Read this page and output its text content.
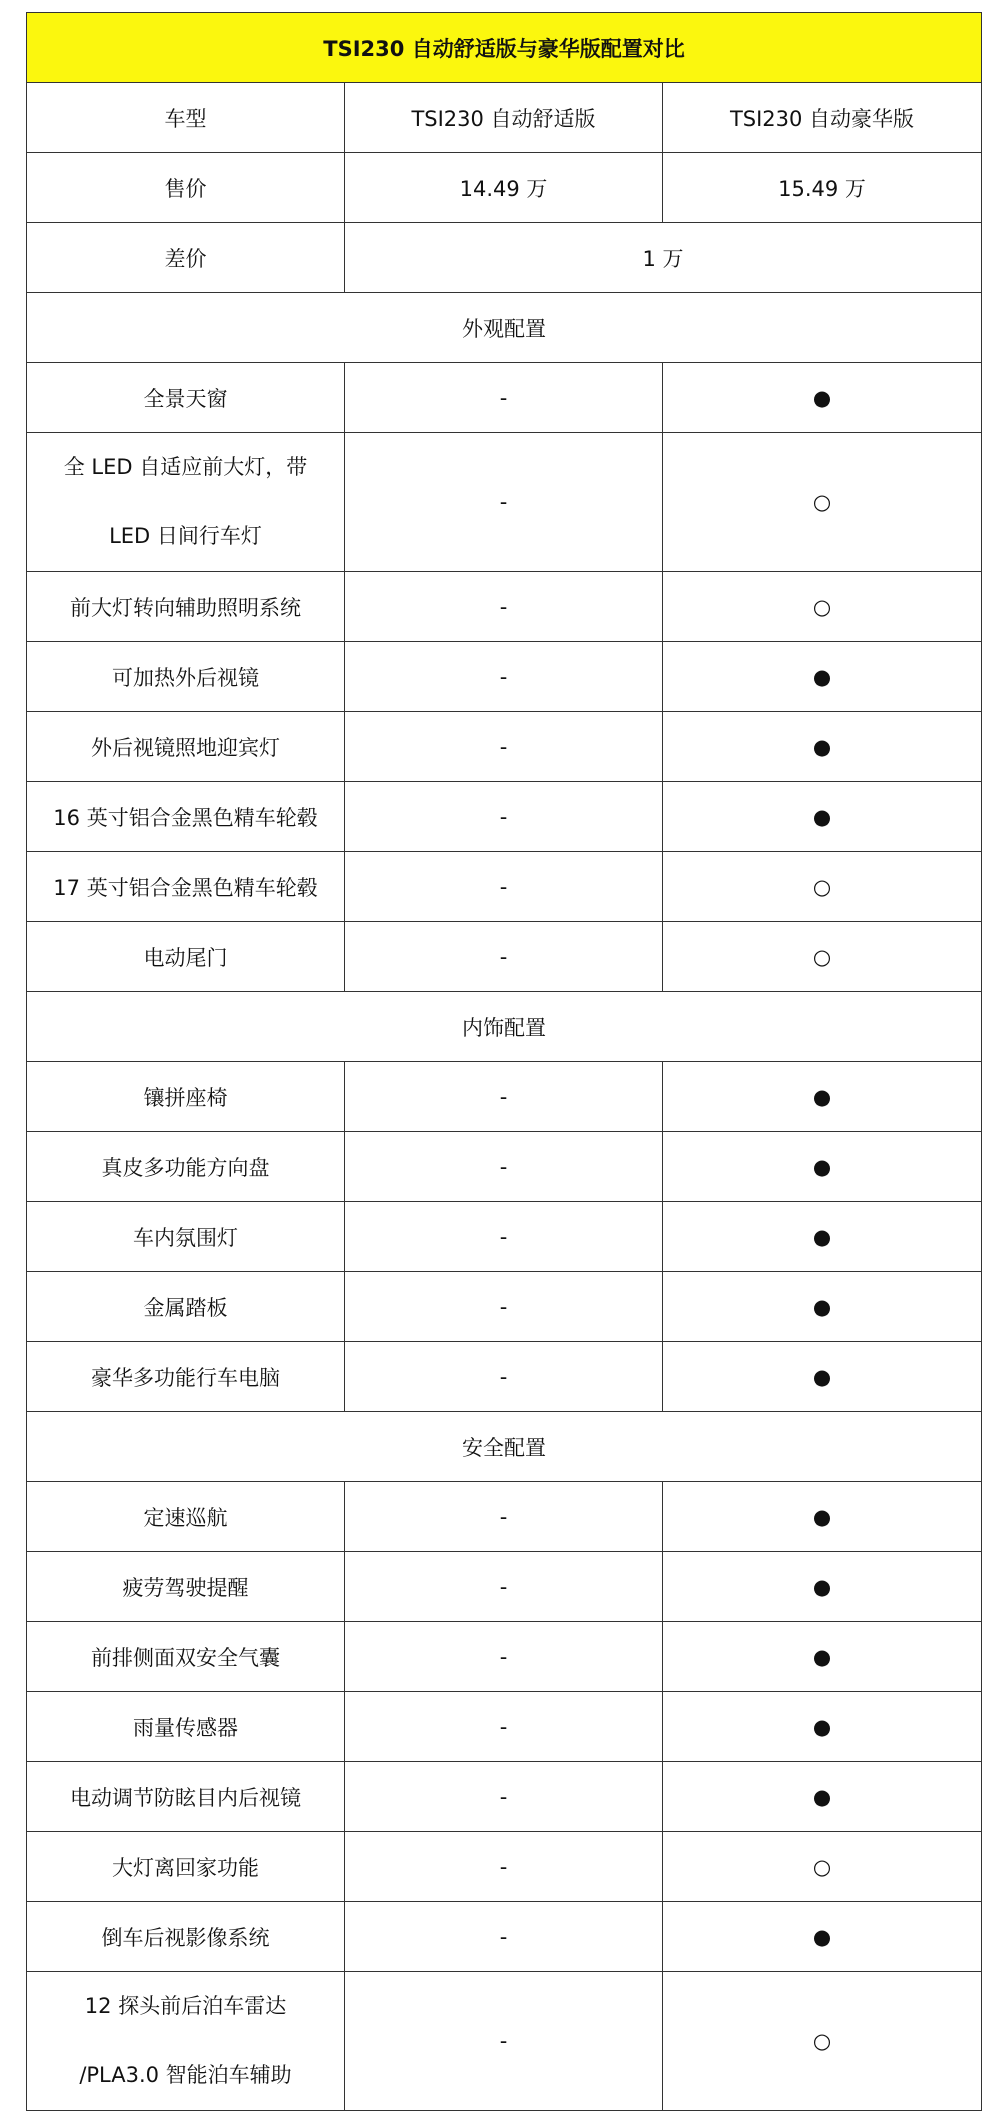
TSI230 自动舒适版与豪华版配置对比		
车型	TSI230 自动舒适版	TSI230 自动豪华版
售价	14.49 万	15.49 万
差价	1 万	
外观配置		
全景天窗	-	●
全 LED 自适应前大灯，带
LED 日间行车灯	-	○
前大灯转向辅助照明系统	-	○
可加热外后视镜	-	●
外后视镜照地迎宾灯	-	●
16 英寸铝合金黑色精车轮毂	-	●
17 英寸铝合金黑色精车轮毂	-	○
电动尾门	-	○
内饰配置		
镶拼座椅	-	●
真皮多功能方向盘	-	●
车内氛围灯	-	●
金属踏板	-	●
豪华多功能行车电脑	-	●
安全配置		
定速巡航	-	●
疲劳驾驶提醒	-	●
前排侧面双安全气囊	-	●
雨量传感器	-	●
电动调节防眩目内后视镜	-	●
大灯离回家功能	-	○
倒车后视影像系统	-	●
12 探头前后泊车雷达
/PLA3.0 智能泊车辅助	-	○
